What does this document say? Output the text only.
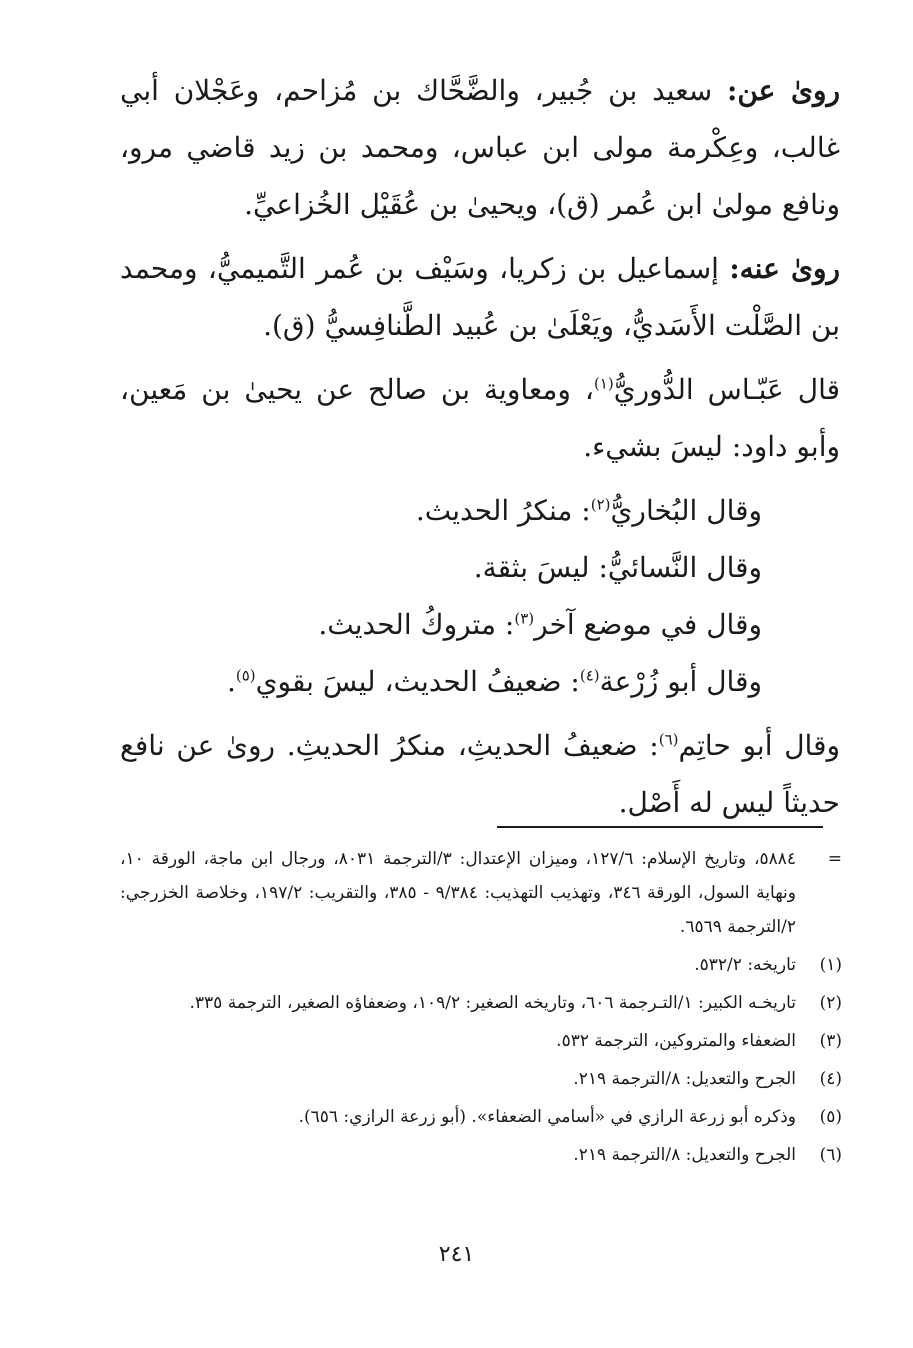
روىٰ عن: سعيد بن جُبير، والضَّحَّاك بن مُزاحم، وعَجْلان أبي غالب، وعِكْرمة مولى ابن عباس، ومحمد بن زيد قاضي مرو، ونافع مولىٰ ابن عُمر (ق)، ويحيىٰ بن عُقَيْل الخُزاعيِّ.

روىٰ عنه: إسماعيل بن زكريا، وسَيْف بن عُمر التَّميميُّ، ومحمد بن الصَّلْت الأَسَديُّ، ويَعْلَىٰ بن عُبيد الطَّنافِسيُّ (ق).

قال عَبّـاس الدُّوريُّ$^{(١)}$، ومعاوية بن صالح عن يحيىٰ بن مَعين، وأبو داود: ليسَ بشيء.

وقال البُخاريُّ$^{(٢)}$: منكرُ الحديث.

وقال النَّسائيُّ: ليسَ بثقة.

وقال في موضع آخر$^{(٣)}$: متروكُ الحديث.

وقال أبو زُرْعة$^{(٤)}$: ضعيفُ الحديث، ليسَ بقوي$^{(٥)}$.

وقال أبو حاتِم$^{(٦)}$: ضعيفُ الحديثِ، منكرُ الحديثِ. روىٰ عن نافع حديثاً ليس له أَصْل.

=
٥٨٨٤، وتاريخ الإسلام: ١٢٧/٦، وميزان الإعتدال: ٣/الترجمة ٨٠٣١، ورجال ابن ماجة، الورقة ١٠، ونهاية السول، الورقة ٣٤٦، وتهذيب التهذيب: ٩/٣٨٤ - ٣٨٥، والتقريب: ١٩٧/٢، وخلاصة الخزرجي: ٢/الترجمة ٦٥٦٩.
(١)
تاريخه: ٥٣٢/٢.
(٢)
تاريخـه الكبير: ١/التـرجمة ٦٠٦، وتاريخه الصغير: ١٠٩/٢، وضعفاؤه الصغير، الترجمة ٣٣٥.
(٣)
الضعفاء والمتروكين، الترجمة ٥٣٢.
(٤)
الجرح والتعديل: ٨/الترجمة ٢١٩.
(٥)
وذكره أبو زرعة الرازي في «أسامي الضعفاء». (أبو زرعة الرازي: ٦٥٦).
(٦)
الجرح والتعديل: ٨/الترجمة ٢١٩.
٢٤١
